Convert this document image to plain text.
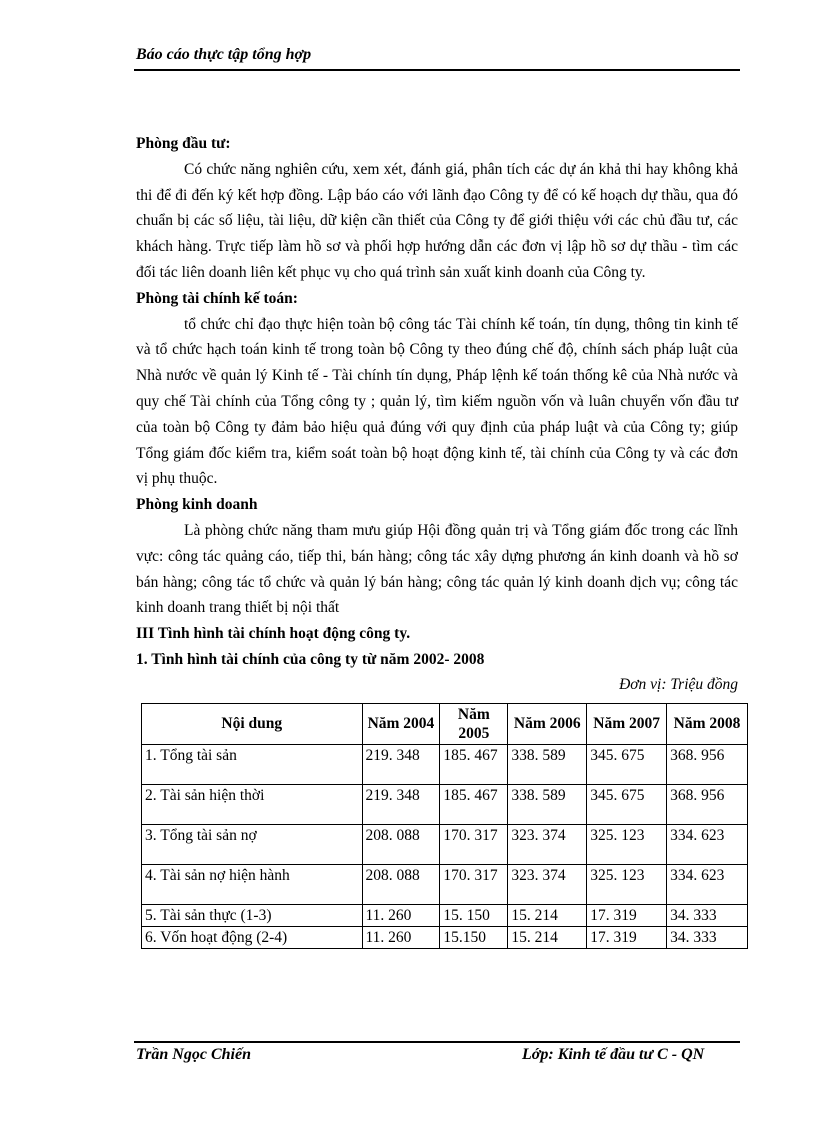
Báo cáo thực tập tổng hợp
Phòng đầu tư:
Có chức năng nghiên cứu, xem xét, đánh giá, phân tích các dự án khả thi hay không khả thi để đi đến ký kết hợp đồng. Lập báo cáo với lãnh đạo Công ty để có kế hoạch dự thầu, qua đó chuẩn bị các số liệu, tài liệu, dữ kiện cần thiết của Công ty để giới thiệu với các chủ đầu tư, các khách hàng. Trực tiếp làm hồ sơ và phối hợp hướng dẫn các đơn vị lập hồ sơ dự thầu - tìm các đối tác liên doanh liên kết phục vụ cho quá trình sản xuất kinh doanh của Công ty.
Phòng tài chính kế toán:
tổ chức chỉ đạo thực hiện toàn bộ công tác Tài chính kế toán, tín dụng, thông tin kinh tế và tổ chức hạch toán kinh tế trong toàn bộ Công ty theo đúng chế độ, chính sách pháp luật của Nhà nước về quản lý Kinh tế - Tài chính tín dụng, Pháp lệnh kế toán thống kê của Nhà nước và quy chế Tài chính của Tổng công ty ; quản lý, tìm kiếm nguồn vốn và luân chuyển vốn đầu tư của toàn bộ Công ty đảm bảo hiệu quả đúng với quy định của pháp luật và của Công ty; giúp Tổng giám đốc kiểm tra, kiểm soát toàn bộ hoạt động kinh tế, tài chính của Công ty và các đơn vị phụ thuộc.
Phòng kinh doanh
Là phòng chức năng tham mưu giúp Hội đồng quản trị và Tổng giám đốc trong các lĩnh vực: công tác quảng cáo, tiếp thi, bán hàng; công tác xây dựng phương án kinh doanh và hồ sơ bán hàng; công tác tổ chức và quản lý bán hàng; công tác quản lý kinh doanh dịch vụ; công tác kinh doanh trang thiết bị nội thất
III Tình hình tài chính hoạt động công ty.
1. Tình hình tài chính của công ty từ năm 2002- 2008
Đơn vị: Triệu đồng
Nội dung	Năm 2004	Năm 2005	Năm 2006	Năm 2007	Năm 2008
1. Tổng tài sản	219. 348	185. 467	338. 589	345. 675	368. 956
2. Tài sản hiện thời	219. 348	185. 467	338. 589	345. 675	368. 956
3. Tổng tài sản nợ	208. 088	170. 317	323. 374	325. 123	334. 623
4. Tài sản nợ hiện hành	208. 088	170. 317	323. 374	325. 123	334. 623
5. Tài sản thực (1-3)	11. 260	15. 150	15. 214	17. 319	34. 333
6. Vốn hoạt động (2-4)	11. 260	15.150	15. 214	17. 319	34. 333
Trần Ngọc Chiến	Lớp: Kinh tế đầu tư C - QN
